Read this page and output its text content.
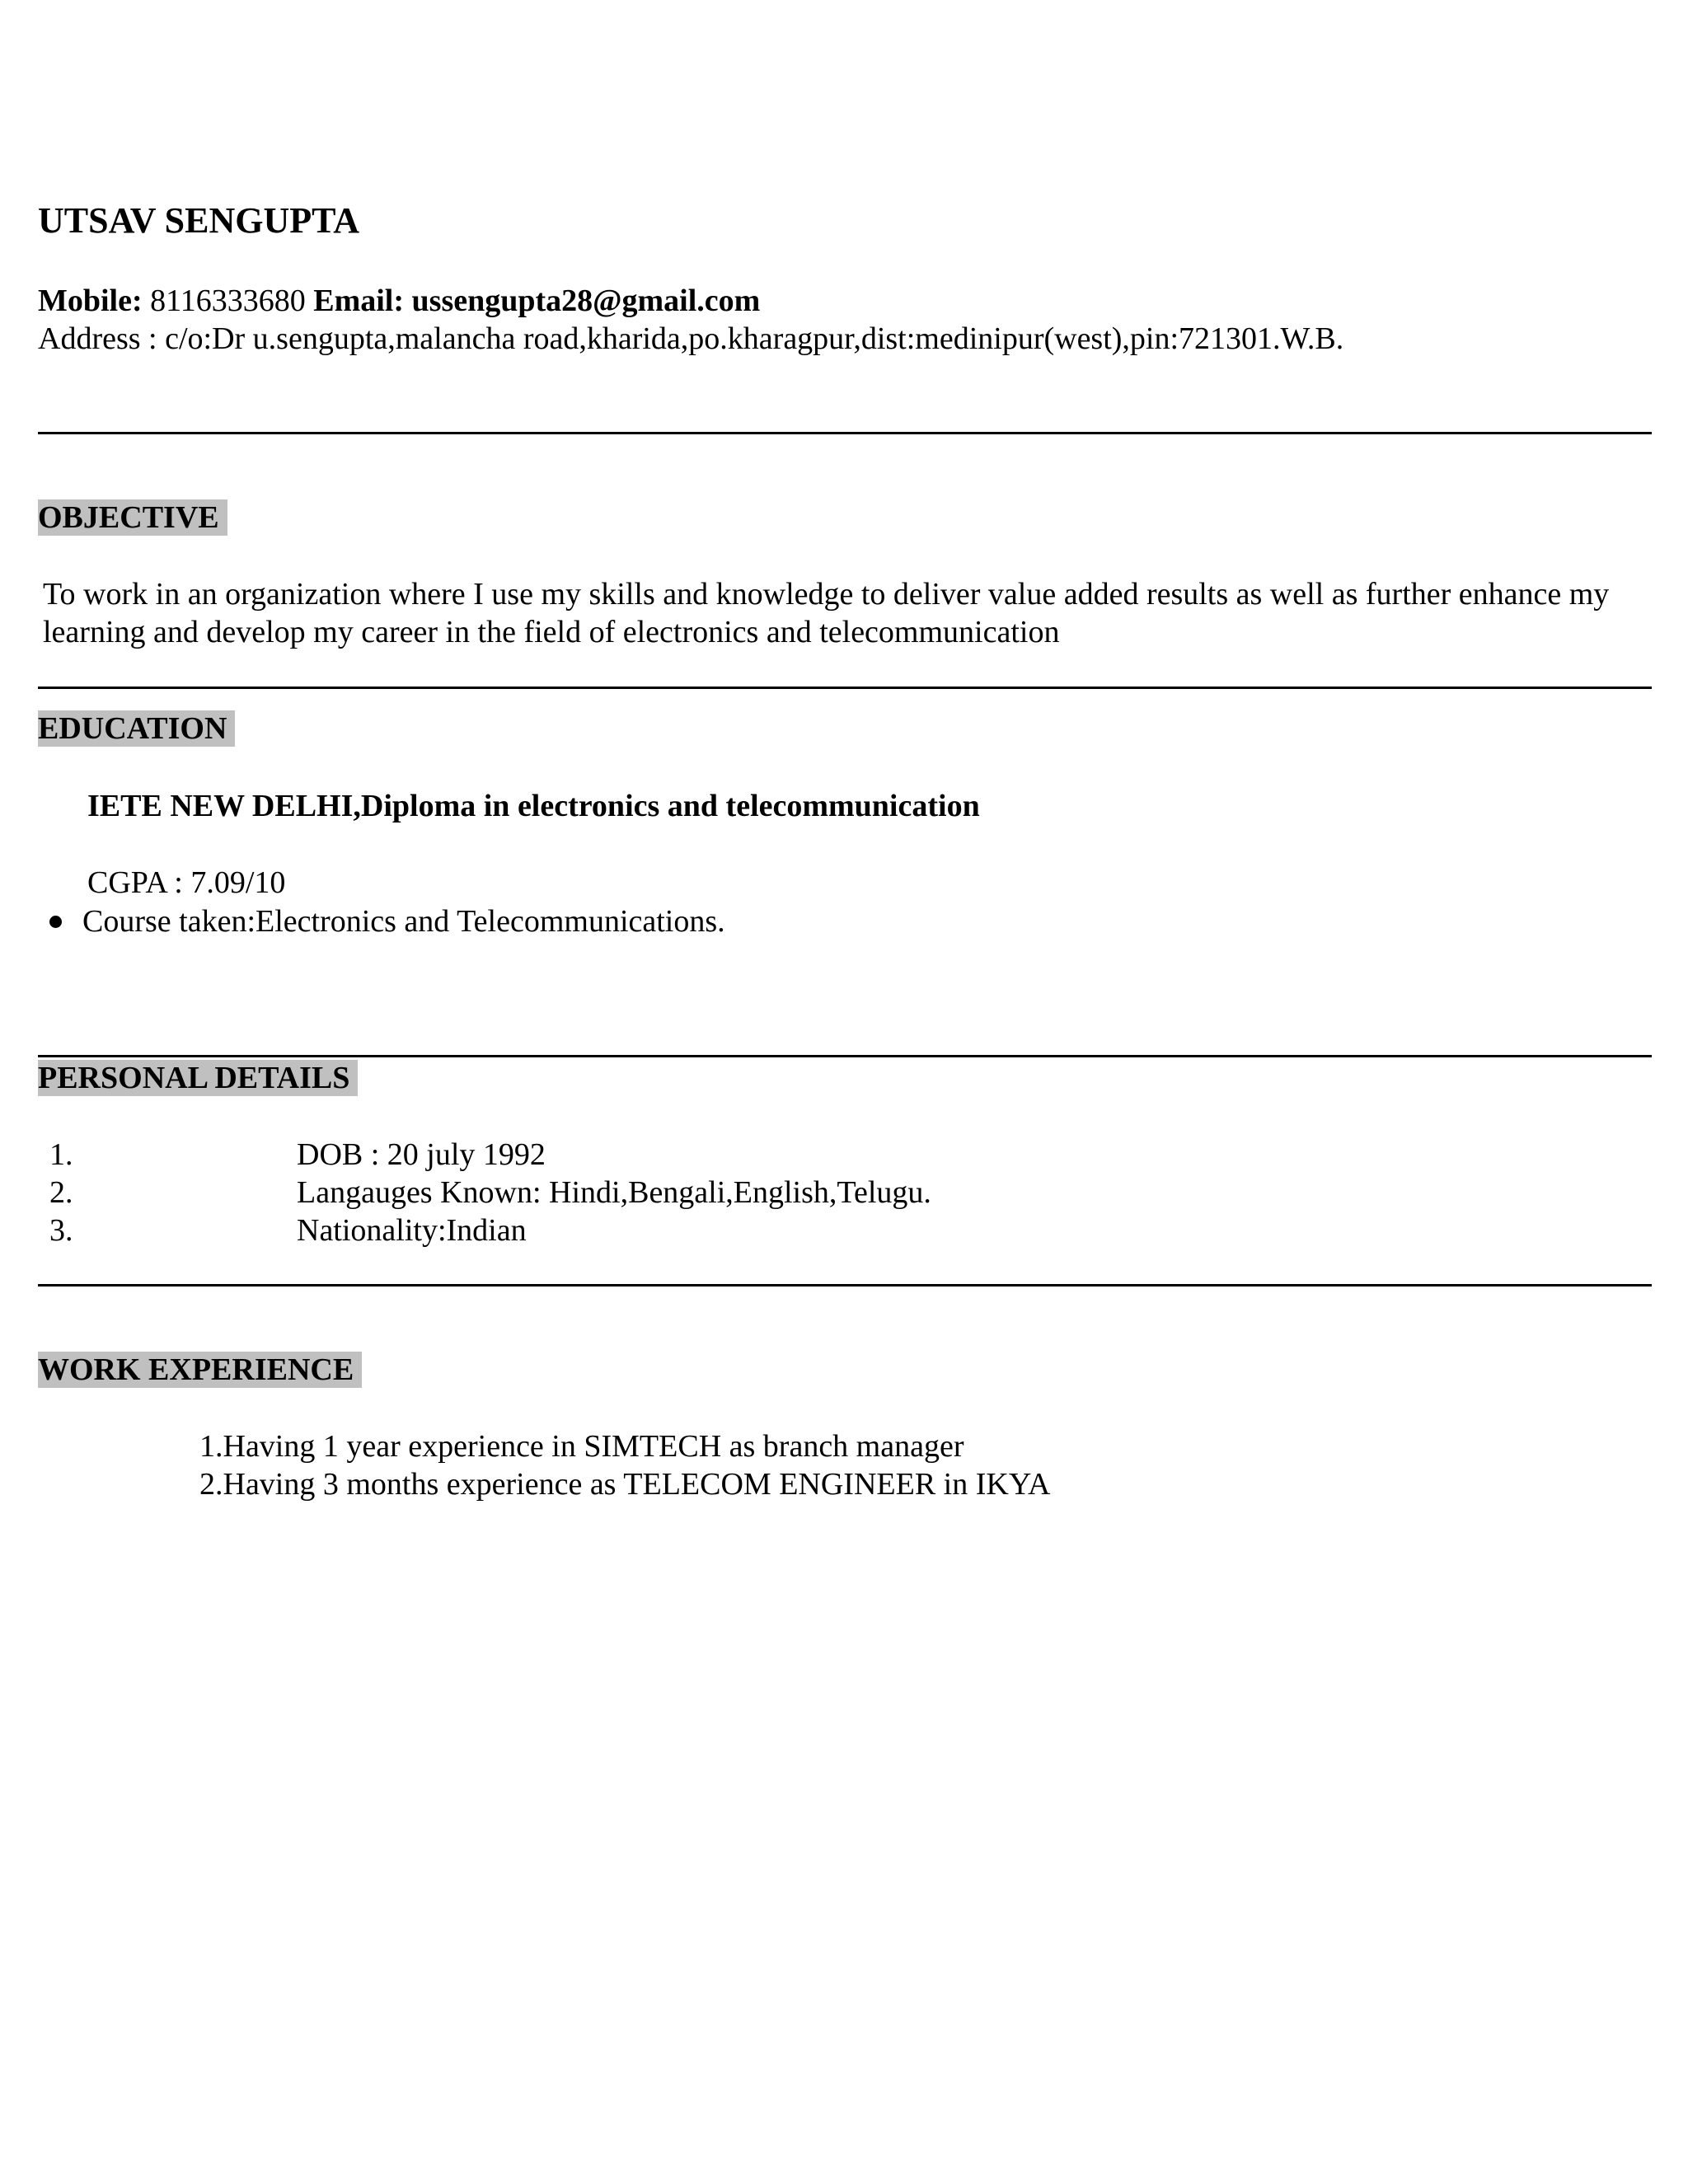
UTSAV SENGUPTA
Mobile: 8116333680 Email: ussengupta28@gmail.com
Address : c/o:Dr u.sengupta,malancha road,kharida,po.kharagpur,dist:medinipur(west),pin:721301.W.B.
OBJECTIVE
To work in an organization where I use my skills and knowledge to deliver value added results as well as further enhance my learning and develop my career in the field of electronics and telecommunication
EDUCATION
IETE NEW DELHI,Diploma in electronics and telecommunication
CGPA : 7.09/10
Course taken:Electronics and Telecommunications.
PERSONAL DETAILS
1.	DOB : 20 july 1992
2.	Langauges Known: Hindi,Bengali,English,Telugu.
3.	Nationality:Indian
WORK EXPERIENCE
1.Having 1 year experience in SIMTECH as branch manager
2.Having 3 months experience as TELECOM ENGINEER in IKYA
